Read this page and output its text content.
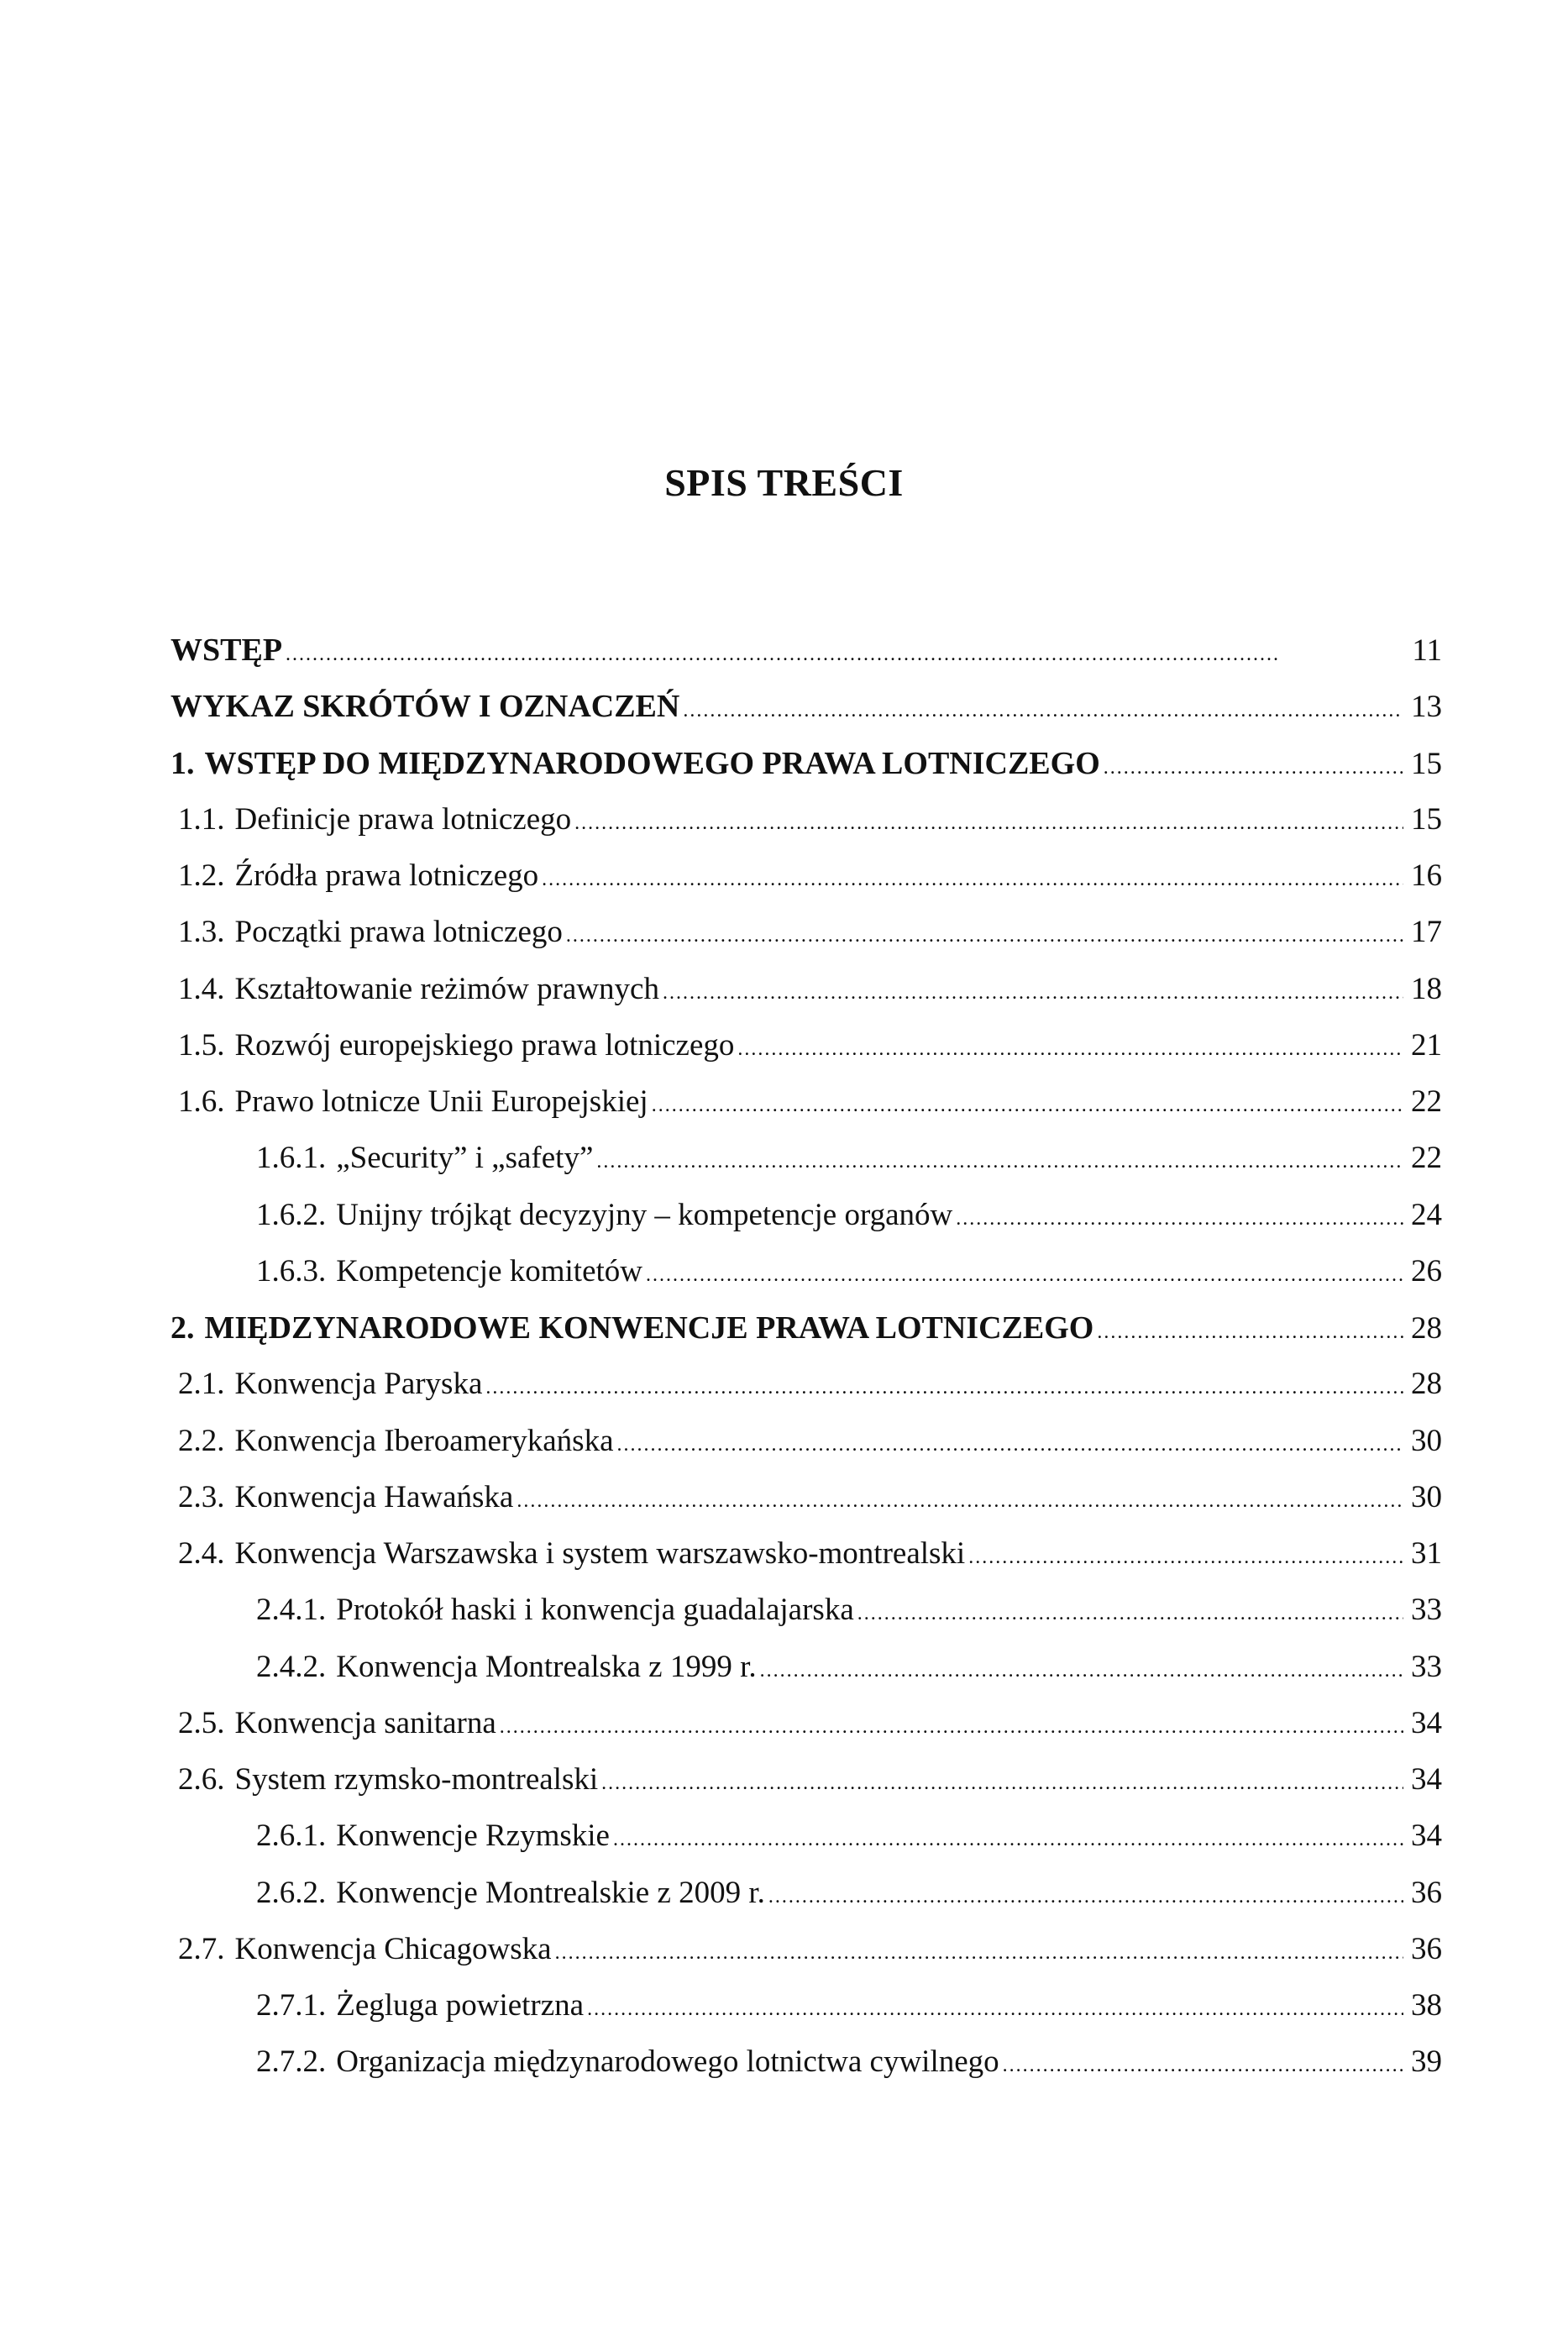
SPIS TREŚCI
WSTĘP . . .	11
WYKAZ SKRÓTÓW I OZNACZEŃ . . .	13
1. WSTĘP DO MIĘDZYNARODOWEGO PRAWA LOTNICZEGO . . .	15
1.1. Definicje prawa lotniczego . . .	15
1.2. Źródła prawa lotniczego . . .	16
1.3. Początki prawa lotniczego . . .	17
1.4. Kształtowanie reżimów prawnych . . .	18
1.5. Rozwój europejskiego prawa lotniczego . . .	21
1.6. Prawo lotnicze Unii Europejskiej . . .	22
1.6.1. „Security” i „safety” . . .	22
1.6.2. Unijny trójkąt decyzyjny – kompetencje organów . . .	24
1.6.3. Kompetencje komitetów . . .	26
2. MIĘDZYNARODOWE KONWENCJE PRAWA LOTNICZEGO . . .	28
2.1. Konwencja Paryska . . .	28
2.2. Konwencja Iberoamerykańska . . .	30
2.3. Konwencja Hawańska . . .	30
2.4. Konwencja Warszawska i system warszawsko-montrealski . . .	31
2.4.1. Protokół haski i konwencja guadalajarska . . .	33
2.4.2. Konwencja Montrealska z 1999 r. . . .	33
2.5. Konwencja sanitarna . . .	34
2.6. System rzymsko-montrealski . . .	34
2.6.1. Konwencje Rzymskie . . .	34
2.6.2. Konwencje Montrealskie z 2009 r. . . .	36
2.7. Konwencja Chicagowska . . .	36
2.7.1. Żegluga powietrzna . . .	38
2.7.2. Organizacja międzynarodowego lotnictwa cywilnego . . .	39
